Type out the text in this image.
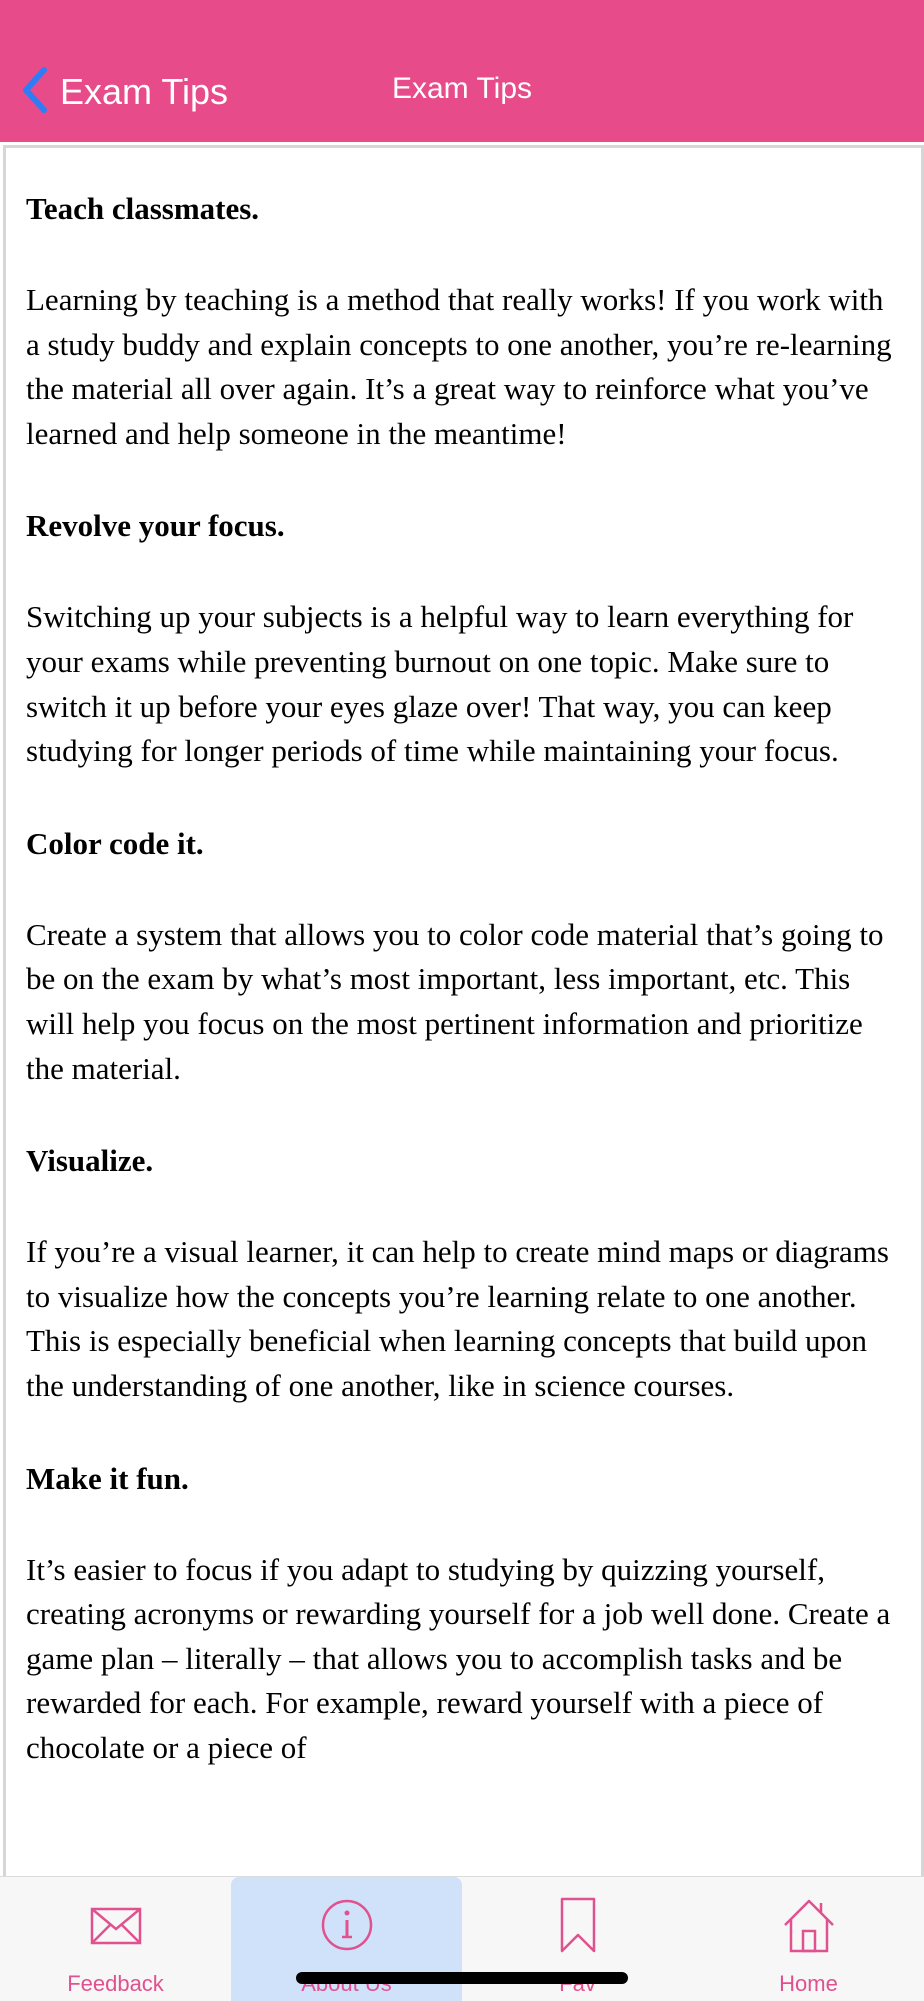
Exam Tips	Exam Tips
Teach classmates.
Learning by teaching is a method that really works! If you work with a study buddy and explain concepts to one another, you’re re-learning the material all over again. It’s a great way to reinforce what you’ve learned and help someone in the meantime!
Revolve your focus.
Switching up your subjects is a helpful way to learn everything for your exams while preventing burnout on one topic. Make sure to switch it up before your eyes glaze over! That way, you can keep studying for longer periods of time while maintaining your focus.
Color code it.
Create a system that allows you to color code material that’s going to be on the exam by what’s most important, less important, etc. This will help you focus on the most pertinent information and prioritize the material.
Visualize.
If you’re a visual learner, it can help to create mind maps or diagrams to visualize how the concepts you’re learning relate to one another. This is especially beneficial when learning concepts that build upon the understanding of one another, like in science courses.
Make it fun.
It’s easier to focus if you adapt to studying by quizzing yourself, creating acronyms or rewarding yourself for a job well done. Create a game plan – literally – that allows you to accomplish tasks and be rewarded for each. For example, reward yourself with a piece of chocolate or a piece of
Feedback	Home
